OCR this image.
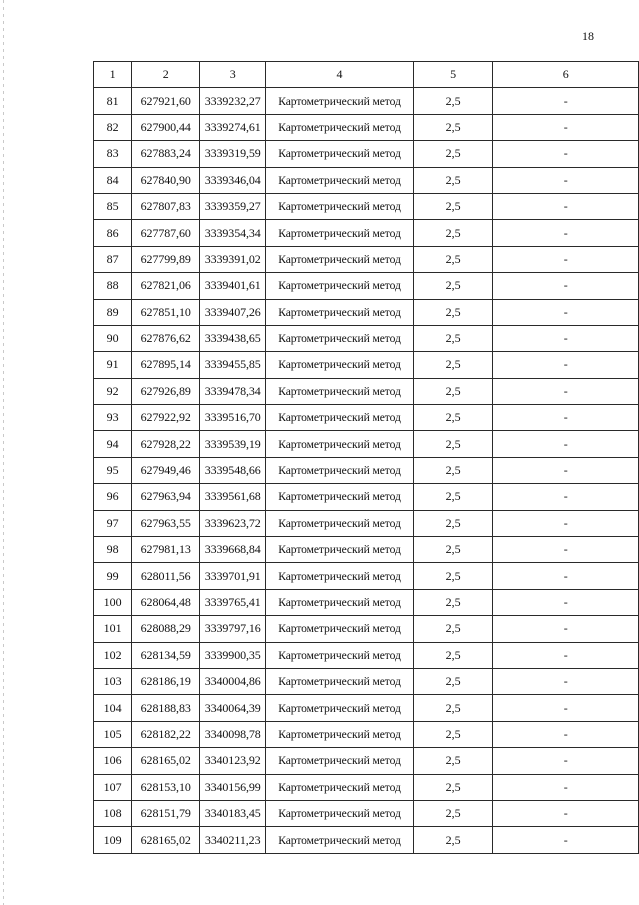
18
1	2	3	4	5	6
81	627921,60	3339232,27	Картометрический метод	2,5	-
82	627900,44	3339274,61	Картометрический метод	2,5	-
83	627883,24	3339319,59	Картометрический метод	2,5	-
84	627840,90	3339346,04	Картометрический метод	2,5	-
85	627807,83	3339359,27	Картометрический метод	2,5	-
86	627787,60	3339354,34	Картометрический метод	2,5	-
87	627799,89	3339391,02	Картометрический метод	2,5	-
88	627821,06	3339401,61	Картометрический метод	2,5	-
89	627851,10	3339407,26	Картометрический метод	2,5	-
90	627876,62	3339438,65	Картометрический метод	2,5	-
91	627895,14	3339455,85	Картометрический метод	2,5	-
92	627926,89	3339478,34	Картометрический метод	2,5	-
93	627922,92	3339516,70	Картометрический метод	2,5	-
94	627928,22	3339539,19	Картометрический метод	2,5	-
95	627949,46	3339548,66	Картометрический метод	2,5	-
96	627963,94	3339561,68	Картометрический метод	2,5	-
97	627963,55	3339623,72	Картометрический метод	2,5	-
98	627981,13	3339668,84	Картометрический метод	2,5	-
99	628011,56	3339701,91	Картометрический метод	2,5	-
100	628064,48	3339765,41	Картометрический метод	2,5	-
101	628088,29	3339797,16	Картометрический метод	2,5	-
102	628134,59	3339900,35	Картометрический метод	2,5	-
103	628186,19	3340004,86	Картометрический метод	2,5	-
104	628188,83	3340064,39	Картометрический метод	2,5	-
105	628182,22	3340098,78	Картометрический метод	2,5	-
106	628165,02	3340123,92	Картометрический метод	2,5	-
107	628153,10	3340156,99	Картометрический метод	2,5	-
108	628151,79	3340183,45	Картометрический метод	2,5	-
109	628165,02	3340211,23	Картометрический метод	2,5	-
